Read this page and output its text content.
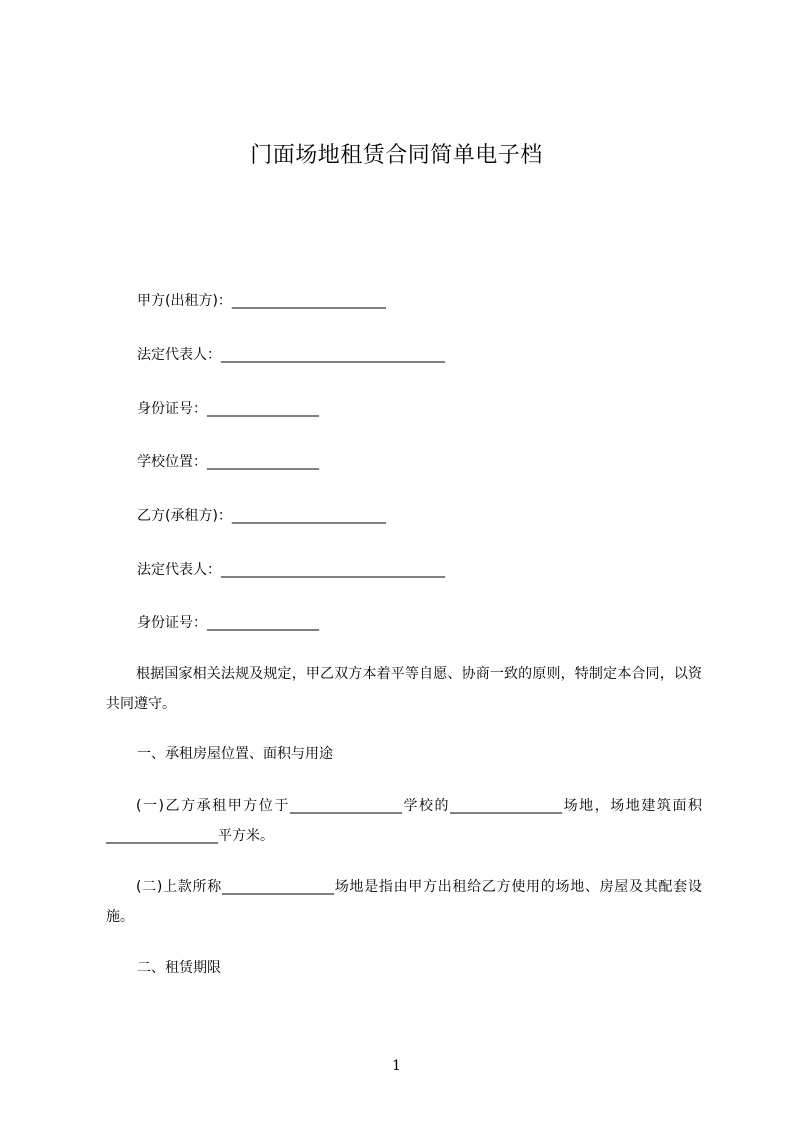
门面场地租赁合同简单电子档
甲方(出租方)：______________________
法定代表人：________________________________
身份证号：________________
学校位置：________________
乙方(承租方)：______________________
法定代表人：________________________________
身份证号：________________
根据国家相关法规及规定，甲乙双方本着平等自愿、协商一致的原则，特制定本合同，以资共同遵守。
一、承租房屋位置、面积与用途
(一)乙方承租甲方位于________________学校的________________场地，场地建筑面积________________平方米。
(二)上款所称________________场地是指由甲方出租给乙方使用的场地、房屋及其配套设施。
二、租赁期限
1
